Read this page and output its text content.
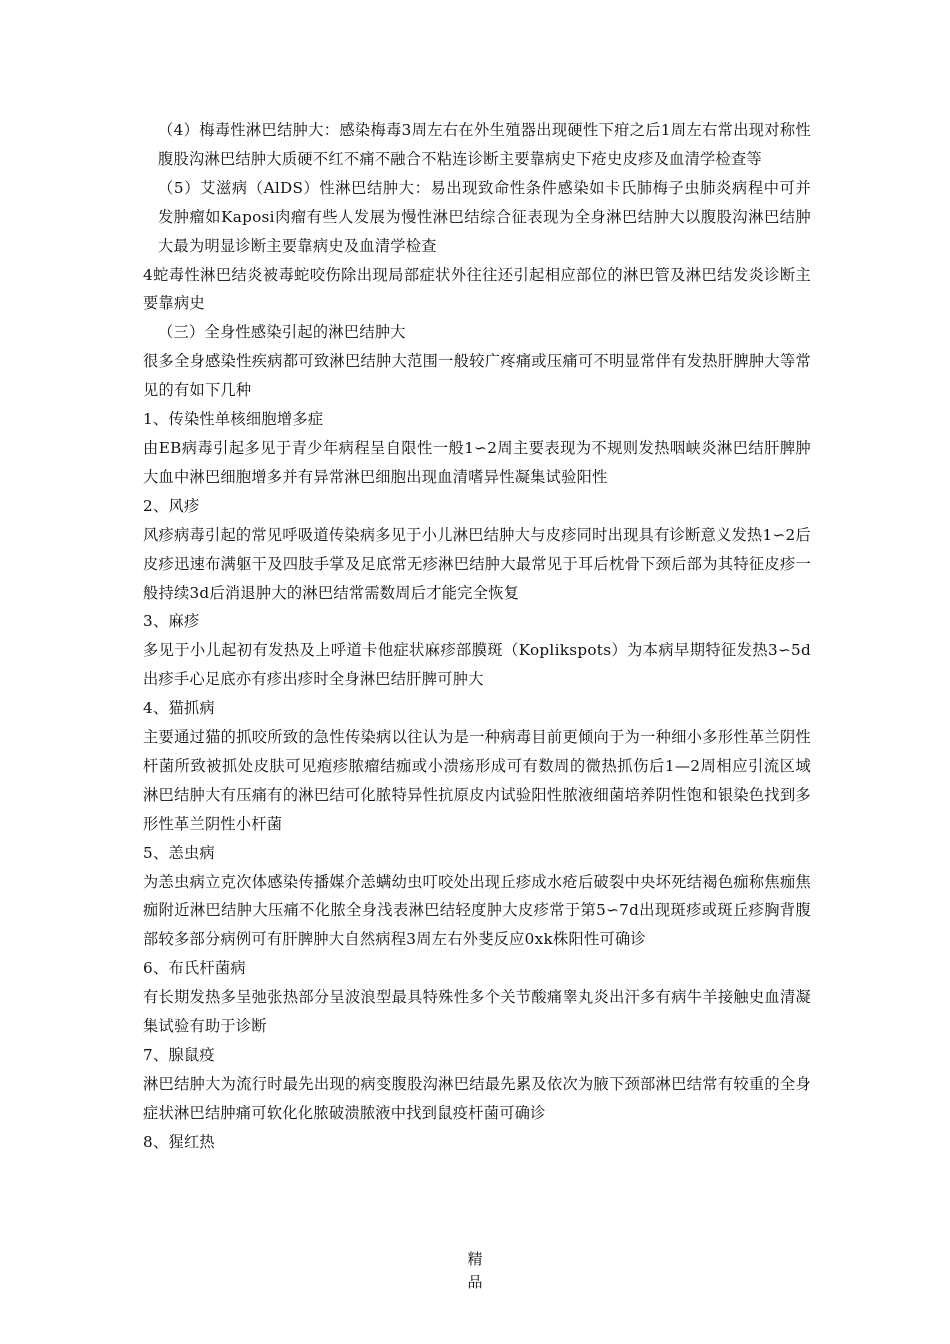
（4）梅毒性淋巴结肿大：感染梅毒3周左右在外生殖器出现硬性下疳之后1周左右常出现对称性腹股沟淋巴结肿大质硬不红不痛不融合不粘连诊断主要靠病史下疮史皮疹及血清学检查等

（5）艾滋病（AlDS）性淋巴结肿大：易出现致命性条件感染如卡氏肺梅子虫肺炎病程中可并发肿瘤如Kaposi肉瘤有些人发展为慢性淋巴结综合征表现为全身淋巴结肿大以腹股沟淋巴结肿大最为明显诊断主要靠病史及血清学检查

4蛇毒性淋巴结炎被毒蛇咬伤除出现局部症状外往往还引起相应部位的淋巴管及淋巴结发炎诊断主要靠病史

（三）全身性感染引起的淋巴结肿大

很多全身感染性疾病都可致淋巴结肿大范围一般较广疼痛或压痛可不明显常伴有发热肝脾肿大等常见的有如下几种

1、传染性单核细胞增多症

由EB病毒引起多见于青少年病程呈自限性一般1∽2周主要表现为不规则发热咽峡炎淋巴结肝脾肿大血中淋巴细胞增多并有异常淋巴细胞出现血清嗜异性凝集试验阳性

2、风疹

风疹病毒引起的常见呼吸道传染病多见于小儿淋巴结肿大与皮疹同时出现具有诊断意义发热1∽2后皮疹迅速布满躯干及四肢手掌及足底常无疹淋巴结肿大最常见于耳后枕骨下颈后部为其特征皮疹一般持续3d后消退肿大的淋巴结常需数周后才能完全恢复

3、麻疹

多见于小儿起初有发热及上呼道卡他症状麻疹部膜斑（Koplikspots）为本病早期特征发热3∽5d出疹手心足底亦有疹出疹时全身淋巴结肝脾可肿大

4、猫抓病

主要通过猫的抓咬所致的急性传染病以往认为是一种病毒目前更倾向于为一种细小多形性革兰阴性杆菌所致被抓处皮肤可见疱疹脓瘤结痂或小溃疡形成可有数周的微热抓伤后1—2周相应引流区域淋巴结肿大有压痛有的淋巴结可化脓特异性抗原皮内试验阳性脓液细菌培养阴性饱和银染色找到多形性革兰阴性小杆菌

5、恙虫病

为恙虫病立克次体感染传播媒介恙螨幼虫叮咬处出现丘疹成水疮后破裂中央坏死结褐色痂称焦痂焦痂附近淋巴结肿大压痛不化脓全身浅表淋巴结轻度肿大皮疹常于第5∽7d出现斑疹或斑丘疹胸背腹部较多部分病例可有肝脾肿大自然病程3周左右外斐反应0xk株阳性可确诊

6、布氏杆菌病

有长期发热多呈弛张热部分呈波浪型最具特殊性多个关节酸痛睾丸炎出汗多有病牛羊接触史血清凝集试验有助于诊断

7、腺鼠疫

淋巴结肿大为流行时最先出现的病变腹股沟淋巴结最先累及依次为腋下颈部淋巴结常有较重的全身症状淋巴结肿痛可软化化脓破溃脓液中找到鼠疫杆菌可确诊

8、猩红热

精
品
